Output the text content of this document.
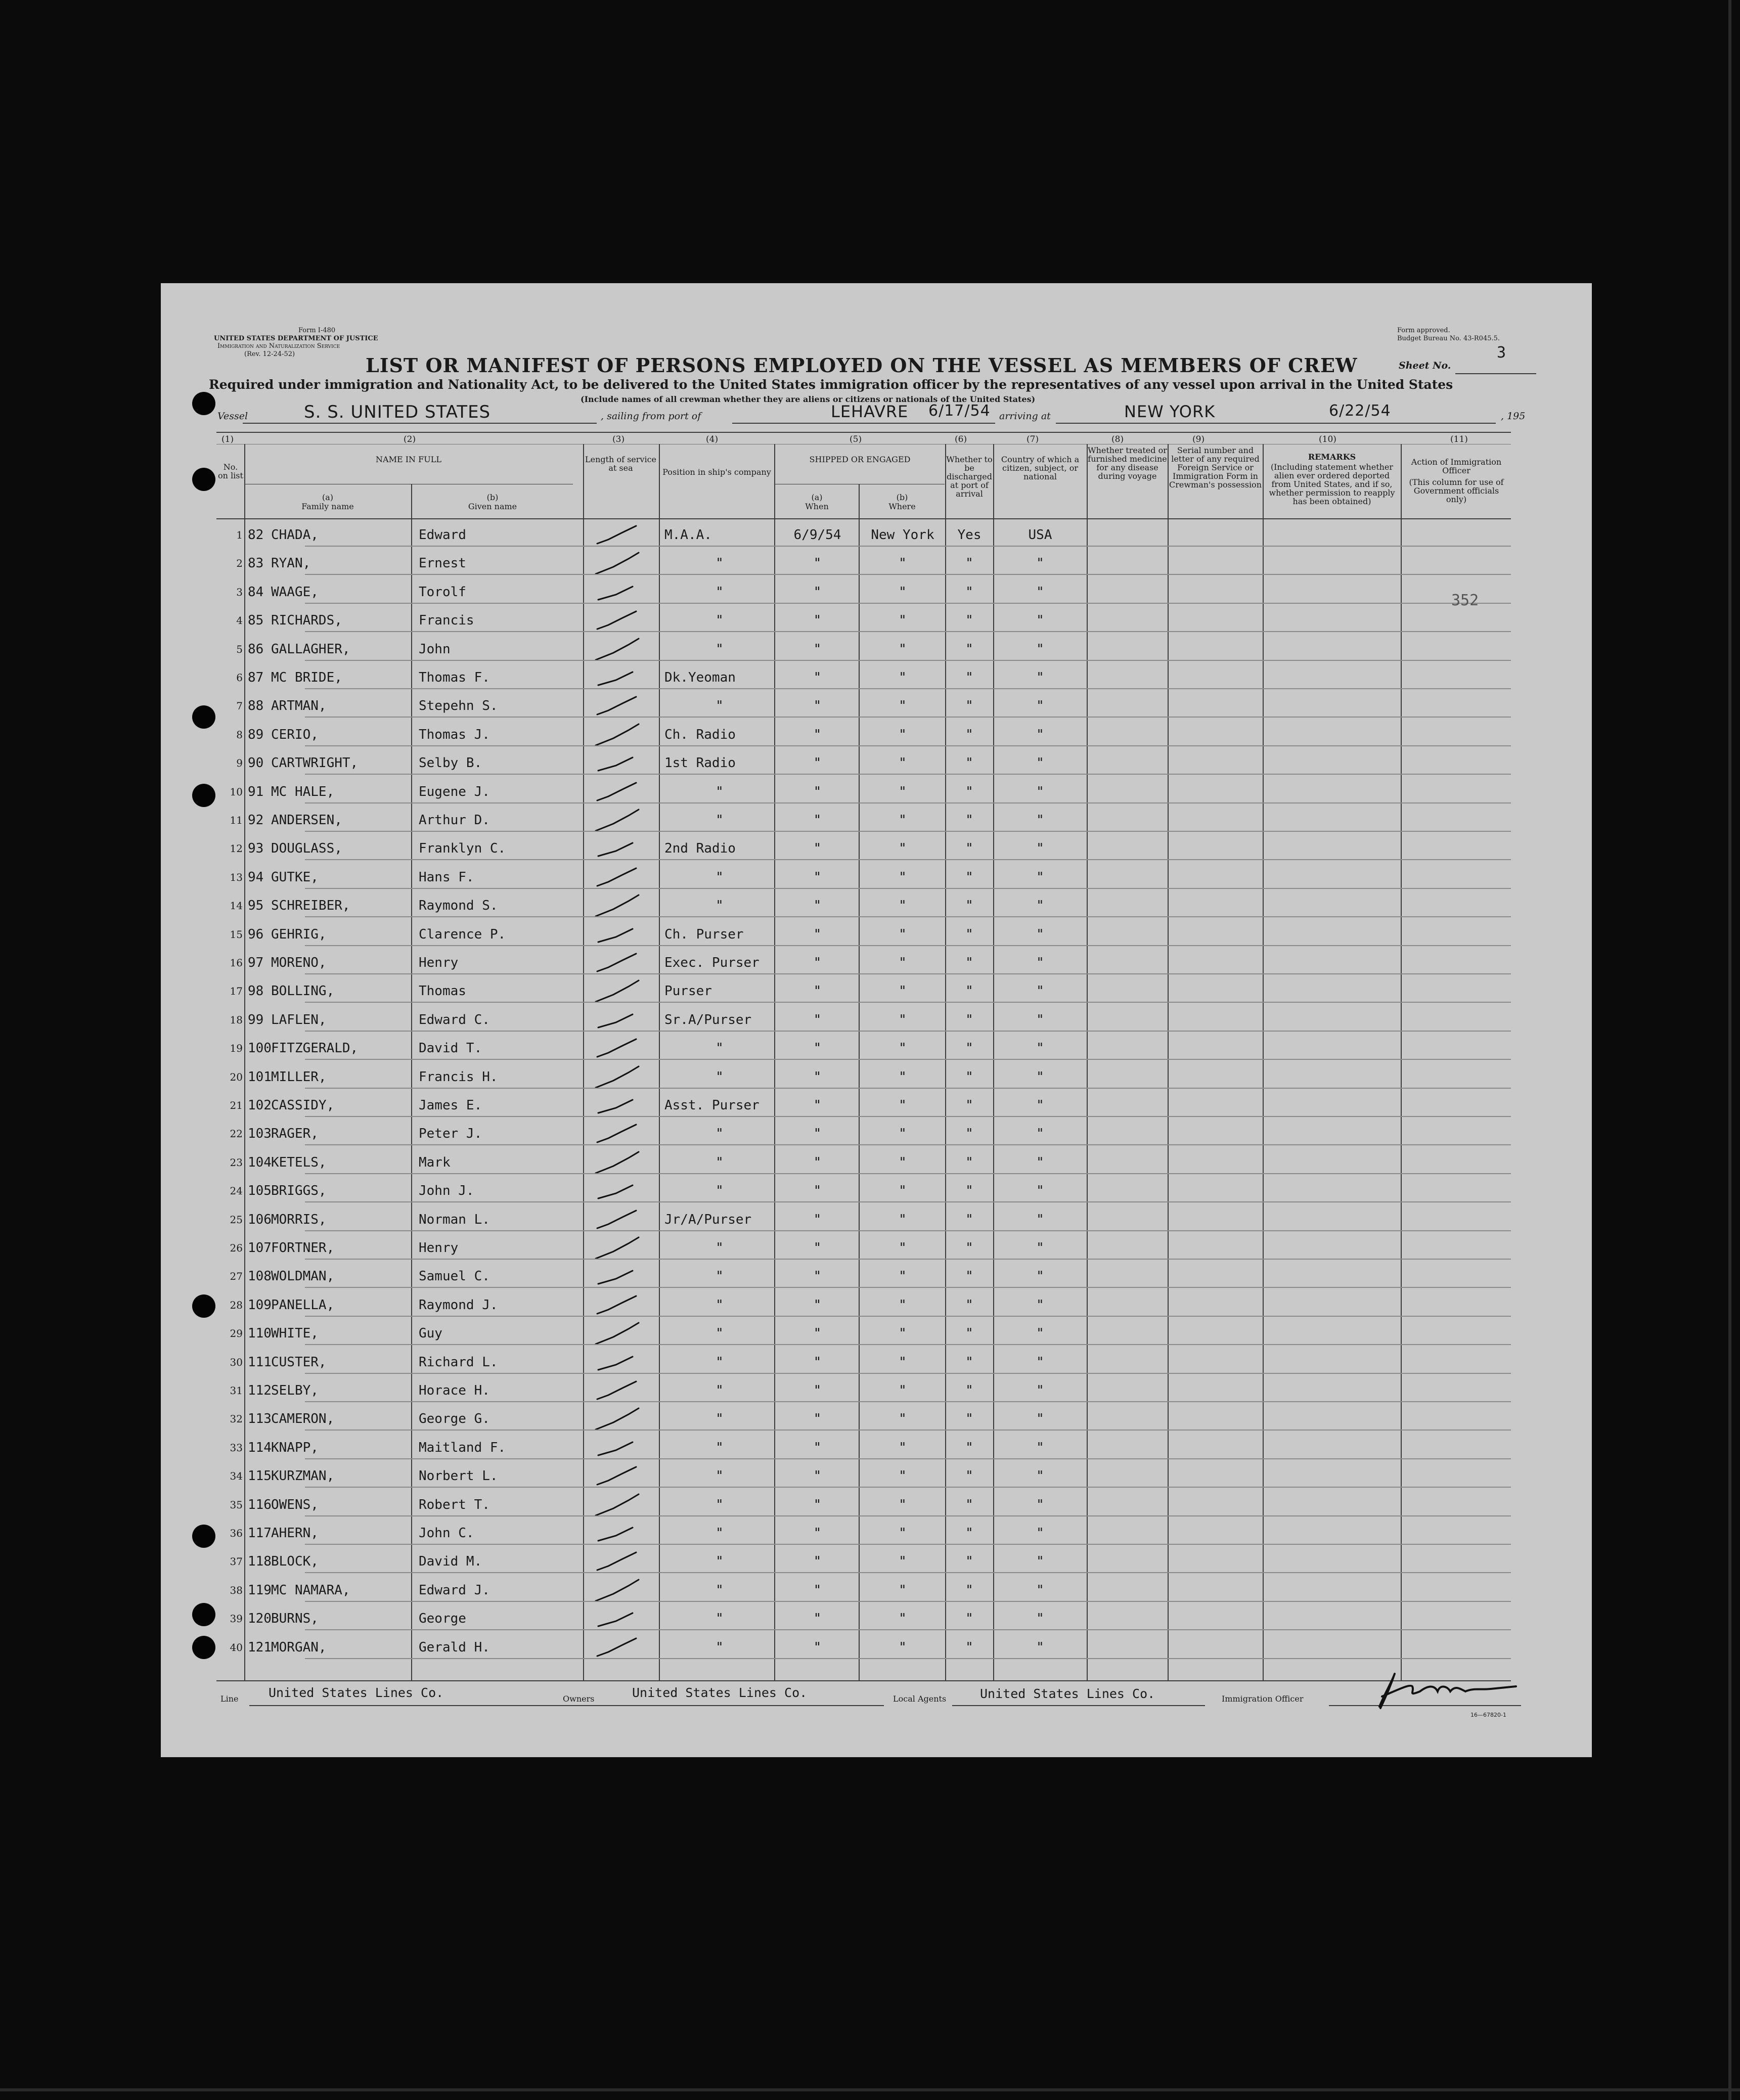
Form I-480
UNITED STATES DEPARTMENT OF JUSTICE
Immigration and Naturalization Service
(Rev. 12-24-52)
Form approved.
Budget Bureau No. 43-R045.5.
LIST OR MANIFEST OF PERSONS EMPLOYED ON THE VESSEL AS MEMBERS OF CREW	Sheet No.
3
Required under immigration and Nationality Act, to be delivered to the United States immigration officer by the representatives of any vessel upon arrival in the United States
(Include names of all crewman whether they are aliens or citizens or nationals of the United States)
Vessel	S. S. UNITED STATES	, sailing from port of	LEHAVRE 6/17/54 arriving at	NEW YORK	6/22/54	, 195
(1)	(2)	(3)	(4)	(5)	(6)	(7)	(8)	(9)	(10)	(11)
No. on list
NAME IN FULL
(a)
Family name
(b)
Given name
Length of service at sea	Position in ship's company
SHIPPED OR ENGAGED
(a)
When
(b)
Where
Whether to be discharged at port of arrival
Country of which a citizen, subject, or national
Whether treated or furnished medicine for any disease during voyage
Serial number and letter of any required Foreign Service or Immigration Form in Crewman's possession
REMARKS
(Including statement whether alien ever ordered deported from United States, and if so, whether permission to reapply has been obtained)
Action of Immigration Officer
(This column for use of Government officials only)
1 82 CHADA,	Edward	M.A.A.	6/9/54	New York	Yes	USA
2 83 RYAN,	Ernest	"	"	"	"	"
3 84 WAAGE,	Torolf	"	"	"	"	"
4 85 RICHARDS,	Francis	"	"	"	"	"
5 86 GALLAGHER,	John	"	"	"	"	"
6 87 MC BRIDE,	Thomas F.	Dk.Yeoman	"	"	"	"
7 88 ARTMAN,	Stepehn S.	"	"	"	"	"
8 89 CERIO,	Thomas J.	Ch. Radio	"	"	"	"
9 90 CARTWRIGHT,	Selby B.	1st Radio	"	"	"	"
10 91 MC HALE,	Eugene J.	"	"	"	"	"
11 92 ANDERSEN,	Arthur D.	"	"	"	"	"
12 93 DOUGLASS,	Franklyn C.	2nd Radio	"	"	"	"
13 94 GUTKE,	Hans F.	"	"	"	"	"
14 95 SCHREIBER,	Raymond S.	"	"	"	"	"
15 96 GEHRIG,	Clarence P.	Ch. Purser	"	"	"	"
16 97 MORENO,	Henry	Exec. Purser	"	"	"	"
17 98 BOLLING,	Thomas	Purser	"	"	"	"
18 99 LAFLEN,	Edward C.	Sr.A/Purser	"	"	"	"
19 100 FITZGERALD,	David T.	"	"	"	"	"
20 101 MILLER,	Francis H.	"	"	"	"	"
21 102 CASSIDY,	James E.	Asst. Purser	"	"	"	"
22 103 RAGER,	Peter J.	"	"	"	"	"
23 104 KETELS,	Mark	"	"	"	"	"
24 105 BRIGGS,	John J.	"	"	"	"	"
25 106 MORRIS,	Norman L.	Jr/A/Purser	"	"	"	"
26 107 FORTNER,	Henry	"	"	"	"	"
27 108 WOLDMAN,	Samuel C.	"	"	"	"	"
28 109 PANELLA,	Raymond J.	"	"	"	"	"
29 110 WHITE,	Guy	"	"	"	"	"
30 111 CUSTER,	Richard L.	"	"	"	"	"
31 112 SELBY,	Horace H.	"	"	"	"	"
32 113 CAMERON,	George G.	"	"	"	"	"
33 114 KNAPP,	Maitland F.	"	"	"	"	"
34 115 KURZMAN,	Norbert L.	"	"	"	"	"
35 116 OWENS,	Robert T.	"	"	"	"	"
36 117 AHERN,	John C.	"	"	"	"	"
37 118 BLOCK,	David M.	"	"	"	"	"
38 119 MC NAMARA,	Edward J.	"	"	"	"	"
39 120 BURNS,	George	"	"	"	"	"
40 121 MORGAN,	Gerald H.	"	"	"	"	"
352
Line United States Lines Co.	Owners	United States Lines Co.	Local Agents	United States Lines Co.	Immigration Officer
16—67820-1
